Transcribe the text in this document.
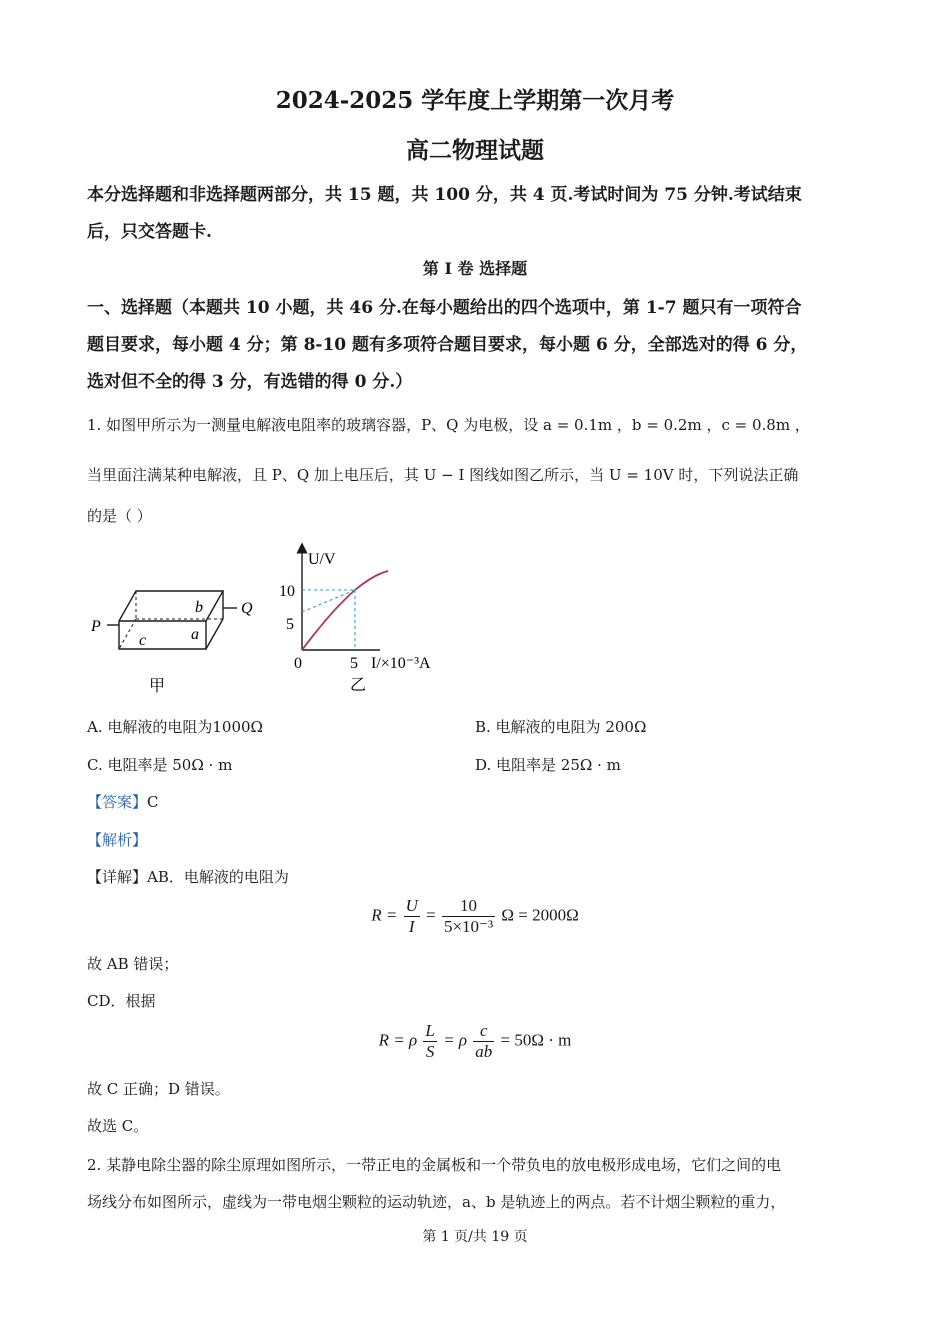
2024-2025 学年度上学期第一次月考
高二物理试题
本分选择题和非选择题两部分，共 15 题，共 100 分，共 4 页.考试时间为 75 分钟.考试结束
后，只交答题卡.
第 I 卷 选择题
一、选择题（本题共 10 小题，共 46 分.在每小题给出的四个选项中，第 1-7 题只有一项符合
题目要求，每小题 4 分；第 8-10 题有多项符合题目要求，每小题 6 分，全部选对的得 6 分，
选对但不全的得 3 分，有选错的得 0 分.）
1. 如图甲所示为一测量电解液电阻率的玻璃容器，P、Q 为电极，设 a = 0.1m ，b = 0.2m ，c = 0.8m ，
当里面注满某种电解液，且 P、Q 加上电压后，其 U − I 图线如图乙所示，当 U = 10V 时，下列说法正确
的是（ ）
P
Q
b
a
c
甲
U/V
10
5
0	5 I/×10⁻³A
乙
A. 电解液的电阻为1000Ω	B. 电解液的电阻为 200Ω
C. 电阻率是 50Ω · m	D. 电阻率是 25Ω · m
【答案】C
【解析】
【详解】AB．电解液的电阻为
$R = \frac{U}{I} = \frac{10}{\text{5×10⁻³}}$ Ω = 2000Ω
故 AB 错误；
CD．根据
R = ρ $\frac{L}{S} = \rho \frac{c}{ab} = 50\Omega \cdot m$
故 C 正确；D 错误。
故选 C。
2. 某静电除尘器的除尘原理如图所示，一带正电的金属板和一个带负电的放电极形成电场，它们之间的电
场线分布如图所示，虚线为一带电烟尘颗粒的运动轨迹，a、b 是轨迹上的两点。若不计烟尘颗粒的重力，
第 1 页/共 19 页
